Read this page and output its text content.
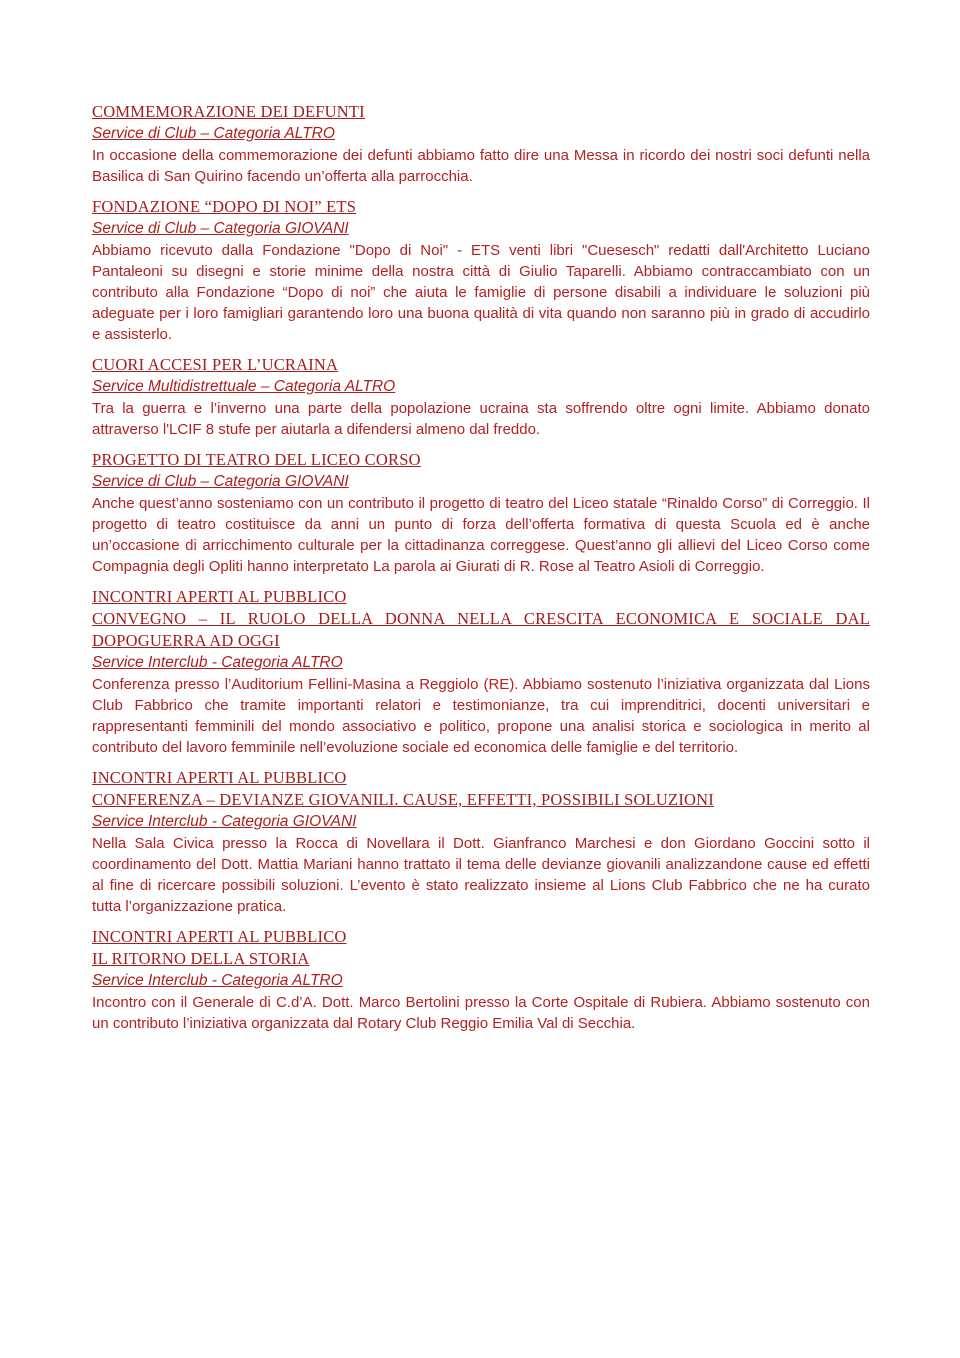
COMMEMORAZIONE DEI DEFUNTI

Service di Club – Categoria ALTRO

In occasione della commemorazione dei defunti abbiamo fatto dire una Messa in ricordo dei nostri soci defunti nella Basilica di San Quirino facendo un’offerta alla parrocchia.

FONDAZIONE “DOPO DI NOI” ETS

Service di Club – Categoria GIOVANI

Abbiamo ricevuto dalla Fondazione "Dopo di Noi" - ETS venti libri "Cuesesch" redatti dall'Architetto Luciano Pantaleoni su disegni e storie minime della nostra città di Giulio Taparelli. Abbiamo contraccambiato con un contributo alla Fondazione “Dopo di noi” che aiuta le famiglie di persone disabili a individuare le soluzioni più adeguate per i loro famigliari garantendo loro una buona qualità di vita quando non saranno più in grado di accudirlo e assisterlo.

CUORI ACCESI PER L’UCRAINA

Service Multidistrettuale – Categoria ALTRO

Tra la guerra e l’inverno una parte della popolazione ucraina sta soffrendo oltre ogni limite. Abbiamo donato attraverso l'LCIF 8 stufe per aiutarla a difendersi almeno dal freddo.

PROGETTO DI TEATRO DEL LICEO CORSO

Service di Club – Categoria GIOVANI

Anche quest’anno sosteniamo con un contributo il progetto di teatro del Liceo statale “Rinaldo Corso” di Correggio. Il progetto di teatro costituisce da anni un punto di forza dell’offerta formativa di questa Scuola ed è anche un’occasione di arricchimento culturale per la cittadinanza correggese. Quest’anno gli allievi del Liceo Corso come Compagnia degli Opliti hanno interpretato La parola ai Giurati di R. Rose al Teatro Asioli di Correggio.

INCONTRI APERTI AL PUBBLICO
CONVEGNO – IL RUOLO DELLA DONNA NELLA CRESCITA ECONOMICA E SOCIALE DAL DOPOGUERRA AD OGGI

Service Interclub - Categoria ALTRO

Conferenza presso l’Auditorium Fellini-Masina a Reggiolo (RE). Abbiamo sostenuto l’iniziativa organizzata dal Lions Club Fabbrico che tramite importanti relatori e testimonianze, tra cui imprenditrici, docenti universitari e rappresentanti femminili del mondo associativo e politico, propone una analisi storica e sociologica in merito al contributo del lavoro femminile nell’evoluzione sociale ed economica delle famiglie e del territorio.

INCONTRI APERTI AL PUBBLICO
CONFERENZA – DEVIANZE GIOVANILI. CAUSE, EFFETTI, POSSIBILI SOLUZIONI

Service Interclub - Categoria GIOVANI

Nella Sala Civica presso la Rocca di Novellara il Dott. Gianfranco Marchesi e don Giordano Goccini sotto il coordinamento del Dott. Mattia Mariani hanno trattato il tema delle devianze giovanili analizzandone cause ed effetti al fine di ricercare possibili soluzioni. L’evento è stato realizzato insieme al Lions Club Fabbrico che ne ha curato tutta l’organizzazione pratica.

INCONTRI APERTI AL PUBBLICO
IL RITORNO DELLA STORIA

Service Interclub - Categoria ALTRO

Incontro con il Generale di C.d’A. Dott. Marco Bertolini presso la Corte Ospitale di Rubiera. Abbiamo sostenuto con un contributo l’iniziativa organizzata dal Rotary Club Reggio Emilia Val di Secchia.
